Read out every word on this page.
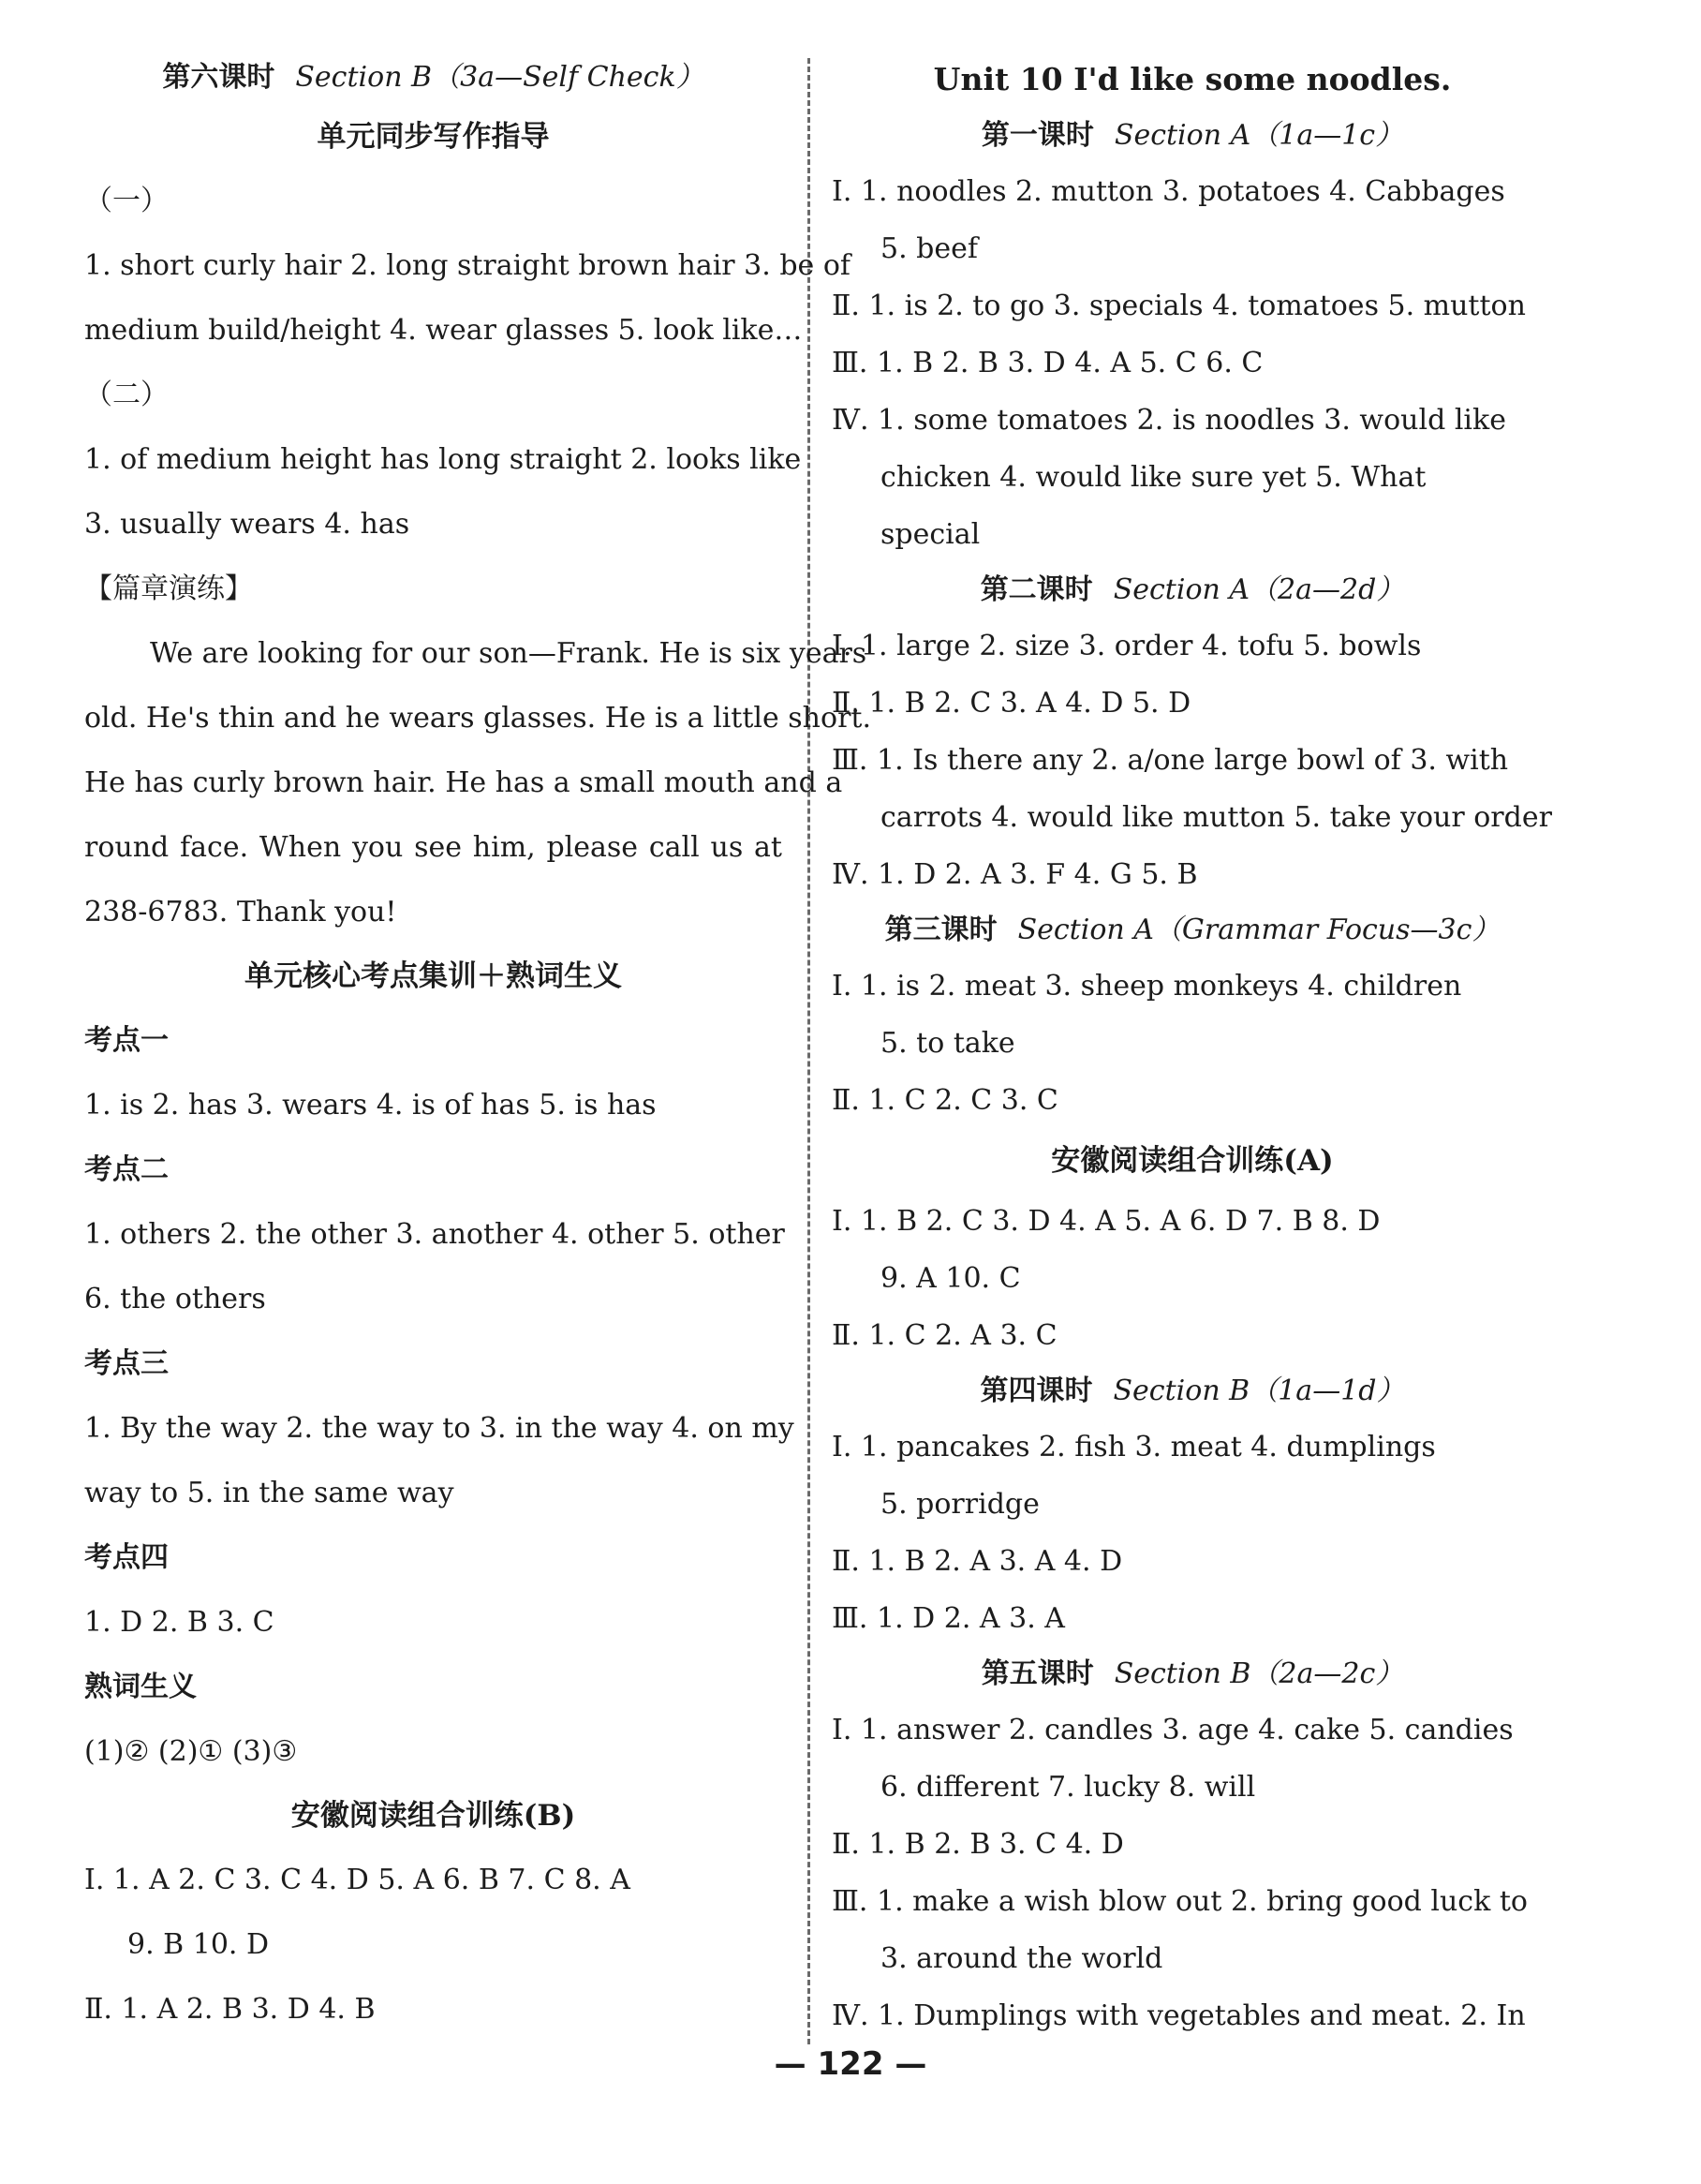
第六课时 Section B（3a—Self Check）
单元同步写作指导
（一）
1. short curly hair 2. long straight brown hair 3. be of
medium build/height 4. wear glasses 5. look like…
（二）
1. of medium height has long straight 2. looks like
3. usually wears 4. has
【篇章演练】
We are looking for our son—Frank. He is six years
old. He's thin and he wears glasses. He is a little short.
He has curly brown hair. He has a small mouth and a
round face. When you see him, please call us at
238-6783. Thank you!
单元核心考点集训＋熟词生义
考点一
1. is 2. has 3. wears 4. is of has 5. is has
考点二
1. others 2. the other 3. another 4. other 5. other
6. the others
考点三
1. By the way 2. the way to 3. in the way 4. on my
way to 5. in the same way
考点四
1. D 2. B 3. C
熟词生义
(1)② (2)① (3)③
安徽阅读组合训练(B)
Ⅰ. 1. A 2. C 3. C 4. D 5. A 6. B 7. C 8. A
9. B 10. D
Ⅱ. 1. A 2. B 3. D 4. B
Unit 10 I'd like some noodles.
第一课时 Section A（1a—1c）
Ⅰ. 1. noodles 2. mutton 3. potatoes 4. Cabbages
5. beef
Ⅱ. 1. is 2. to go 3. specials 4. tomatoes 5. mutton
Ⅲ. 1. B 2. B 3. D 4. A 5. C 6. C
Ⅳ. 1. some tomatoes 2. is noodles 3. would like
chicken 4. would like sure yet 5. What
special
第二课时 Section A（2a—2d）
Ⅰ. 1. large 2. size 3. order 4. tofu 5. bowls
Ⅱ. 1. B 2. C 3. A 4. D 5. D
Ⅲ. 1. Is there any 2. a/one large bowl of 3. with
carrots 4. would like mutton 5. take your order
Ⅳ. 1. D 2. A 3. F 4. G 5. B
第三课时 Section A（Grammar Focus—3c）
Ⅰ. 1. is 2. meat 3. sheep monkeys 4. children
5. to take
Ⅱ. 1. C 2. C 3. C
安徽阅读组合训练(A)
Ⅰ. 1. B 2. C 3. D 4. A 5. A 6. D 7. B 8. D
9. A 10. C
Ⅱ. 1. C 2. A 3. C
第四课时 Section B（1a—1d）
Ⅰ. 1. pancakes 2. fish 3. meat 4. dumplings
5. porridge
Ⅱ. 1. B 2. A 3. A 4. D
Ⅲ. 1. D 2. A 3. A
第五课时 Section B（2a—2c）
Ⅰ. 1. answer 2. candles 3. age 4. cake 5. candies
6. different 7. lucky 8. will
Ⅱ. 1. B 2. B 3. C 4. D
Ⅲ. 1. make a wish blow out 2. bring good luck to
3. around the world
Ⅳ. 1. Dumplings with vegetables and meat. 2. In
— 122 —
